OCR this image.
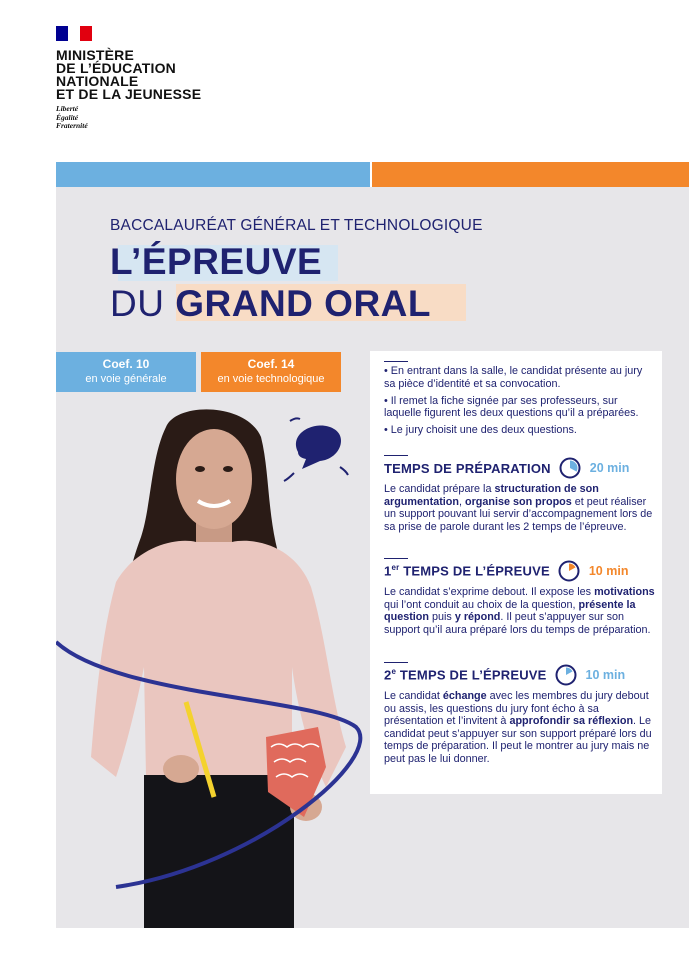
MINISTÈRE
DE L’ÉDUCATION
NATIONALE
ET DE LA JEUNESSE
Liberté
Égalité
Fraternité
BACCALAURÉAT GÉNÉRAL ET TECHNOLOGIQUE
L’ÉPREUVE
DU GRAND ORAL
Coef. 10
en voie générale
Coef. 14
en voie technologique

• En entrant dans la salle, le candidat présente au jury sa pièce d’identité et sa convocation.

• Il remet la fiche signée par ses professeurs, sur laquelle figurent les deux questions qu’il a préparées.

• Le jury choisit une des deux questions.

TEMPS DE PRÉPARATION	20 min
Le candidat prépare la structuration de son argumentation, organise son propos et peut réaliser un support pouvant lui servir d’accompagnement lors de sa prise de parole durant les 2 temps de l’épreuve.
1er TEMPS DE L’ÉPREUVE	10 min
Le candidat s’exprime debout. Il expose les motivations qui l’ont conduit au choix de la question, présente la question puis y répond. Il peut s’appuyer sur son support qu’il aura préparé lors du temps de préparation.
2e TEMPS DE L’ÉPREUVE	10 min
Le candidat échange avec les membres du jury debout ou assis, les questions du jury font écho à sa présentation et l’invitent à approfondir sa réflexion. Le candidat peut s’appuyer sur son support préparé lors du temps de préparation. Il peut le montrer au jury mais ne peut pas le lui donner.
